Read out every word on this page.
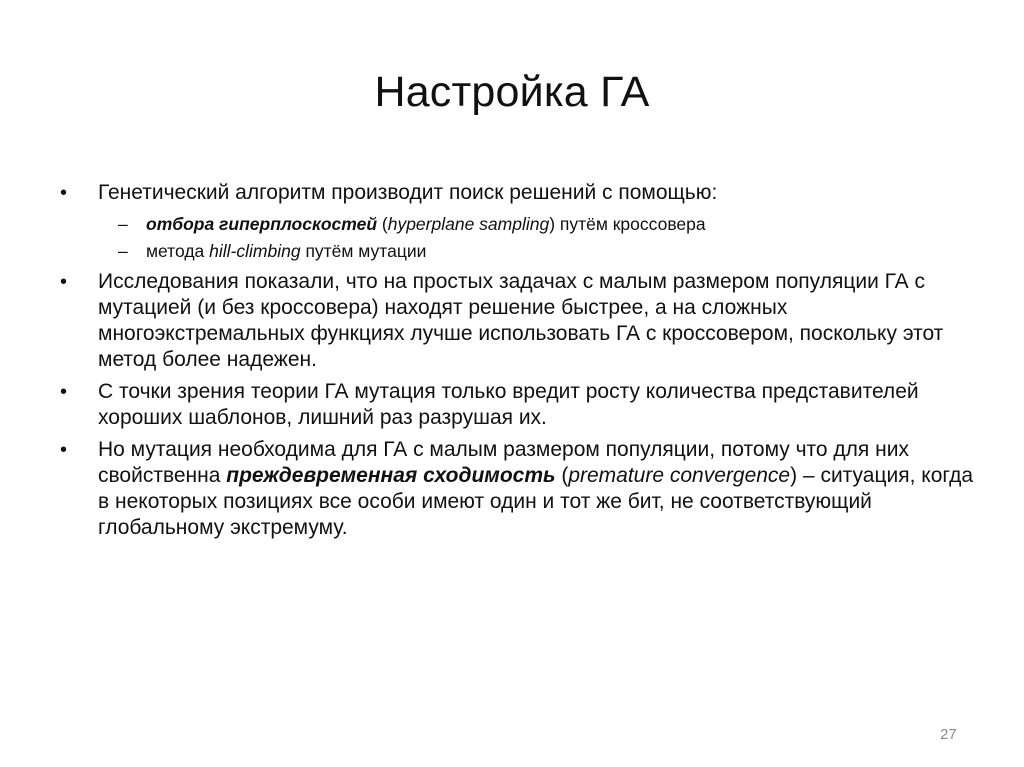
Настройка ГА
•	Генетический алгоритм производит поиск решений с помощью:
– отбора гиперплоскостей (hyperplane sampling) путём кроссовера
– метода hill-climbing путём мутации
•	Исследования показали, что на простых задачах с малым размером популяции ГА с мутацией (и без кроссовера) находят решение быстрее, а на сложных многоэкстремальных функциях лучше использовать ГА с кроссовером, поскольку этот метод более надежен.
•	С точки зрения теории ГА мутация только вредит росту количества представителей хороших шаблонов, лишний раз разрушая их.
•	Но мутация необходима для ГА с малым размером популяции, потому что для них свойственна преждевременная сходимость (premature convergence) – ситуация, когда в некоторых позициях все особи имеют один и тот же бит, не соответствующий глобальному экстремуму.
27
